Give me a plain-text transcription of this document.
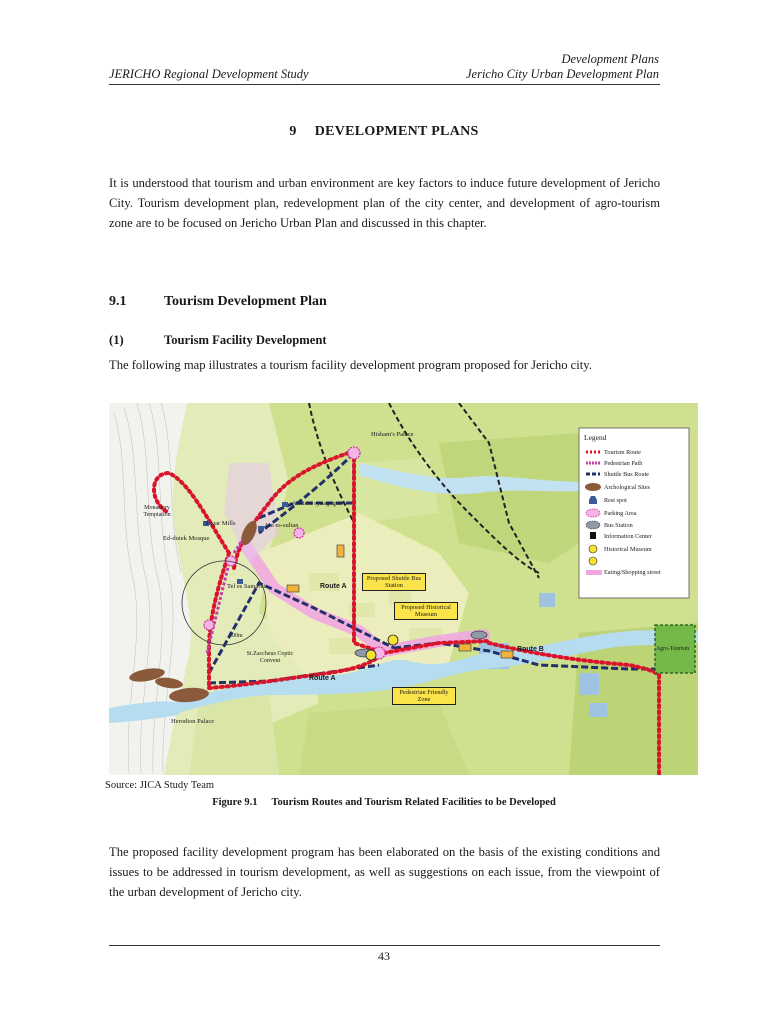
Development Plans
JERICHO Regional Development Study	Jericho City Urban Development Plan
9 DEVELOPMENT PLANS
It is understood that tourism and urban environment are key factors to induce future development of Jericho City. Tourism development plan, redevelopment plan of the city center, and development of agro-tourism zone are to be focused on Jericho Urban Plan and discussed in this chapter.
9.1	Tourism Development Plan
(1)	Tourism Facility Development
The following map illustrates a tourism facility development program proposed for Jericho city.
Hisham's Palace
Ancient synagogue
Ain es-sultan
Monastery Temptation
Sugar Mills
Ed-duiek Mosque
Tel es Samarat
500m
St.Zaccheus Coptic Convent
Herodion Palace
Route A
Route A
Route B
Proposed Shuttle Bus Station
Proposed Historical Museum
Pedestrian Friendly Zone
Agro-Tourism
Legend
Tourism Route
Pedestrian Path
Shuttle Bus Route
Archological Sites
Rest spot
Parking Area
Bus Station
Information Center
Historical Museum
Eating/Shopping street
Source: JICA Study Team
Figure 9.1 Tourism Routes and Tourism Related Facilities to be Developed
The proposed facility development program has been elaborated on the basis of the existing conditions and issues to be addressed in tourism development, as well as suggestions on each issue, from the viewpoint of the urban development of Jericho city.
43
